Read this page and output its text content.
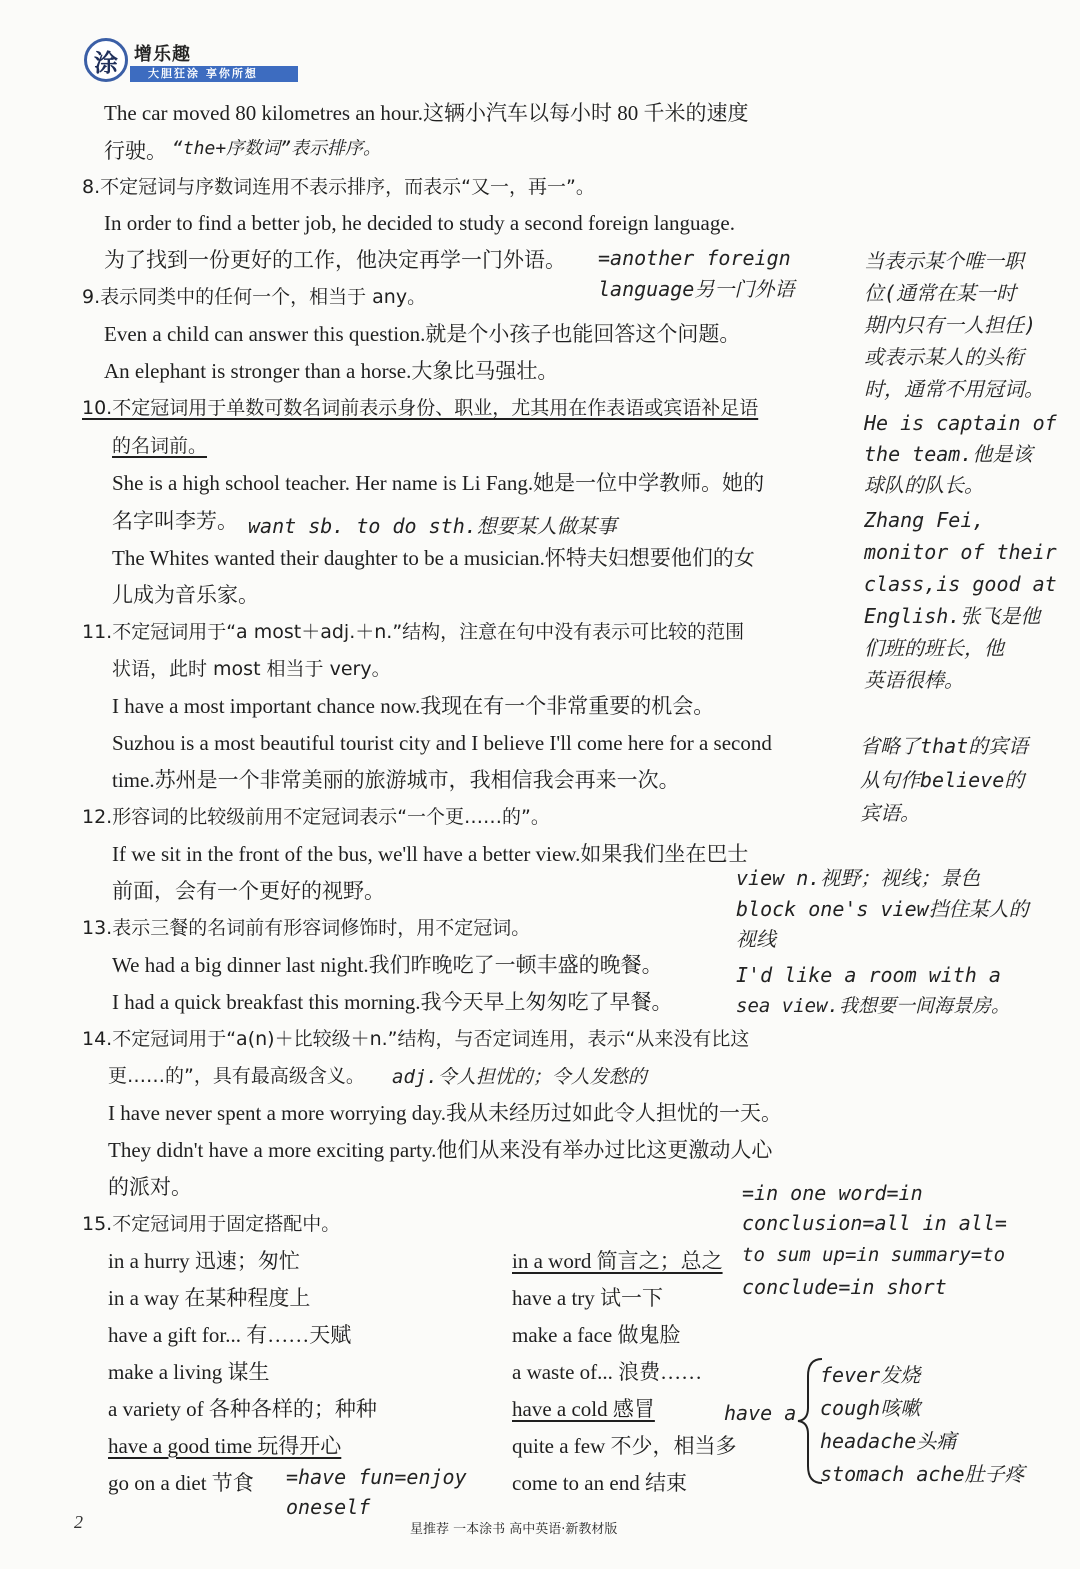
涂 增乐趣
大胆狂涂 享你所想
The car moved 80 kilometres an hour.这辆小汽车以每小时 80 千米的速度
行驶。
8.不定冠词与序数词连用不表示排序，而表示“又一，再一”。
In order to find a better job, he decided to study a second foreign language.
为了找到一份更好的工作，他决定再学一门外语。
9.表示同类中的任何一个，相当于 any。
Even a child can answer this question.就是个小孩子也能回答这个问题。
An elephant is stronger than a horse.大象比马强壮。
10.不定冠词用于单数可数名词前表示身份、职业，尤其用在作表语或宾语补足语
的名词前。
She is a high school teacher. Her name is Li Fang.她是一位中学教师。她的
名字叫李芳。
The Whites wanted their daughter to be a musician.怀特夫妇想要他们的女
儿成为音乐家。
11.不定冠词用于“a most＋adj.＋n.”结构，注意在句中没有表示可比较的范围
状语，此时 most 相当于 very。
I have a most important chance now.我现在有一个非常重要的机会。
Suzhou is a most beautiful tourist city and I believe I'll come here for a second
time.苏州是一个非常美丽的旅游城市，我相信我会再来一次。
12.形容词的比较级前用不定冠词表示“一个更……的”。
If we sit in the front of the bus, we'll have a better view.如果我们坐在巴士
前面，会有一个更好的视野。
13.表示三餐的名词前有形容词修饰时，用不定冠词。
We had a big dinner last night.我们昨晚吃了一顿丰盛的晚餐。
I had a quick breakfast this morning.我今天早上匆匆吃了早餐。
14.不定冠词用于“a(n)＋比较级＋n.”结构，与否定词连用，表示“从来没有比这
更……的”，具有最高级含义。
I have never spent a more worrying day.我从未经历过如此令人担忧的一天。
They didn't have a more exciting party.他们从来没有举办过比这更激动人心
的派对。
15.不定冠词用于固定搭配中。
in a hurry 迅速；匆忙
in a way 在某种程度上
have a gift for... 有……天赋
make a living 谋生
a variety of 各种各样的；种种
have a good time 玩得开心
go on a diet 节食
in a word 简言之；总之
have a try 试一下
make a face 做鬼脸
a waste of... 浪费……
have a cold 感冒
quite a few 不少，相当多
come to an end 结束
“the+序数词”表示排序。
=another foreign
language另一门外语
当表示某个唯一职
位(通常在某一时
期内只有一人担任)
或表示某人的头衔
时，通常不用冠词。
He is captain of
the team.他是该
球队的队长。
Zhang Fei,
monitor of their
class,is good at
English.张飞是他
们班的班长，他
英语很棒。
want sb. to do sth.想要某人做某事
省略了that的宾语
从句作believe的
宾语。
view n.视野；视线；景色
block one's view挡住某人的
视线
I'd like a room with a
sea view.我想要一间海景房。
adj.令人担忧的；令人发愁的
=in one word=in
conclusion=all in all=
to sum up=in summary=to
conclude=in short
have a
fever发烧
cough咳嗽
headache头痛
stomach ache肚子疼
=have fun=enjoy
oneself
2	星推荐 一本涂书 高中英语·新教材版
